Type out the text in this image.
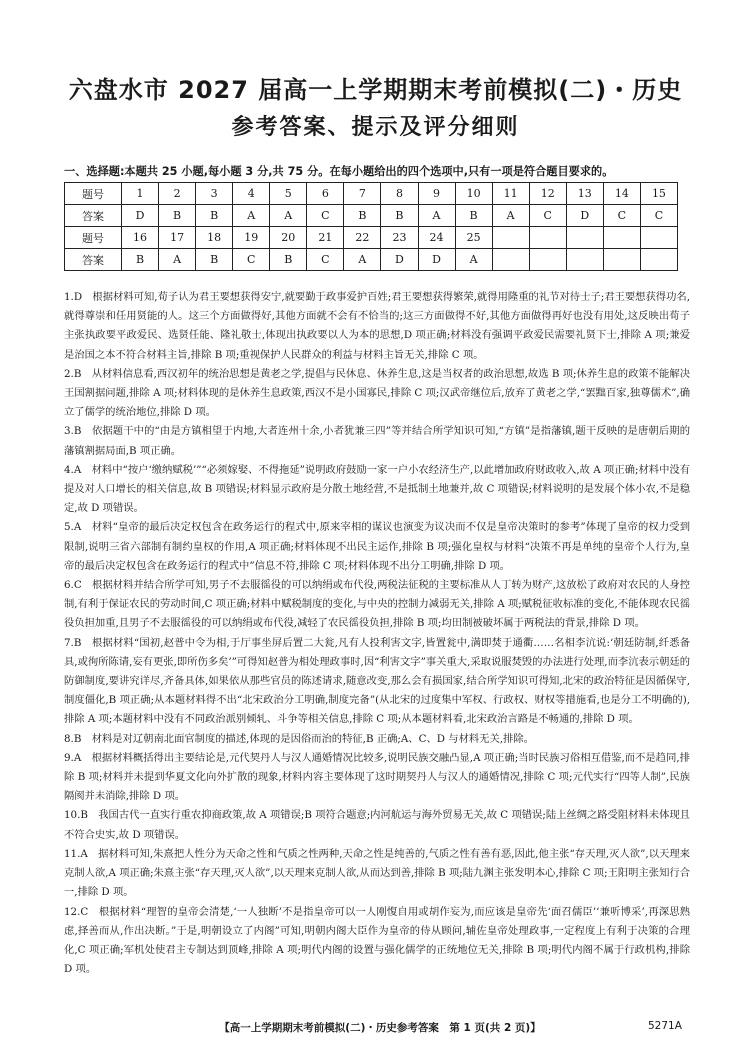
六盘水市 2027 届高一上学期期末考前模拟(二)・历史
参考答案、提示及评分细则
一、选择题:本题共 25 小题,每小题 3 分,共 75 分。在每小题给出的四个选项中,只有一项是符合题目要求的。
题号	1	2	3	4	5	6	7	8	9	10	11	12	13	14	15
答案	D	B	B	A	A	C	B	B	A	B	A	C	D	C	C
题号	16	17	18	19	20	21	22	23	24	25					
答案	B	A	B	C	B	C	A	D	D	A					

1.D　根据材料可知,荀子认为君王要想获得安宁,就要勤于政事爱护百姓;君王要想获得繁荣,就得用隆重的礼节对待士子;君王要想获得功名,就得尊崇和任用贤能的人。这三个方面做得好,其他方面就不会有不恰当的;这三方面做得不好,其他方面做得再好也没有用处,这反映出荀子主张执政要平政爱民、选贤任能、隆礼敬士,体现出执政要以人为本的思想,D 项正确;材料没有强调平政爱民需要礼贤下士,排除 A 项;兼爱是治国之本不符合材料主旨,排除 B 项;重视保护人民群众的利益与材料主旨无关,排除 C 项。

2.B　从材料信息看,西汉初年的统治思想是黄老之学,提倡与民休息、休养生息,这是当权者的政治思想,故选 B 项;休养生息的政策不能解决王国割据问题,排除 A 项;材料体现的是休养生息政策,西汉不是小国寡民,排除 C 项;汉武帝继位后,放弃了黄老之学,“罢黜百家,独尊儒术”,确立了儒学的统治地位,排除 D 项。

3.B　依据题干中的“由是方镇相望于内地,大者连州十余,小者犹兼三四”等并结合所学知识可知,“方镇”是指藩镇,题干反映的是唐朝后期的藩镇割据局面,B 项正确。

4.A　材料中“按户‘缴纳赋税’”“必须嫁娶、不得拖延”说明政府鼓励一家一户小农经济生产,以此增加政府财政收入,故 A 项正确;材料中没有提及对人口增长的相关信息,故 B 项错误;材料显示政府是分散土地经营,不是抵制土地兼并,故 C 项错误;材料说明的是发展个体小农,不是稳定,故 D 项错误。

5.A　材料“皇帝的最后决定权包含在政务运行的程式中,原来宰相的谋议也演变为议决而不仅是皇帝决策时的参考”体现了皇帝的权力受到限制,说明三省六部制有制约皇权的作用,A 项正确;材料体现不出民主运作,排除 B 项;强化皇权与材料“决策不再是单纯的皇帝个人行为,皇帝的最后决定权包含在政务运行的程式中”信息不符,排除 C 项;材料体现不出分工明确,排除 D 项。

6.C　根据材料并结合所学可知,男子不去服徭役的可以纳绢或布代役,两税法征税的主要标准从人丁转为财产,这放松了政府对农民的人身控制,有利于保证农民的劳动时间,C 项正确;材料中赋税制度的变化,与中央的控制力减弱无关,排除 A 项;赋税征收标准的变化,不能体现农民徭役负担加重,且男子不去服徭役的可以纳绢或布代役,减轻了农民徭役负担,排除 B 项;均田制被破坏属于两税法的背景,排除 D 项。

7.B　根据材料“国初,赵普中令为相,于厅事坐屏后置二大瓮,凡有人投利害文字,皆置瓮中,满即焚于通衢……名相李沆说:‘朝廷防制,纤悉备具,或徇所陈请,妄有更张,即所伤多矣’”可得知赵普为相处理政事时,因“利害文字”事关重大,采取说服焚毁的办法进行处理,而李沆表示朝廷的防御制度,要讲究详尽,齐备具体,如果依从那些官员的陈述请求,随意改变,那么会有损国家,结合所学知识可得知,北宋的政治特征是因循保守,制度僵化,B 项正确;从本题材料得不出“北宋政治分工明确,制度完备”(从北宋的过度集中军权、行政权、财权等措施看,也是分工不明确的),排除 A 项;本题材料中没有不同政治派别倾轧、斗争等相关信息,排除 C 项;从本题材料看,北宋政治言路是不畅通的,排除 D 项。

8.B　材料是对辽朝南北面官制度的描述,体现的是因俗而治的特征,B 正确;A、C、D 与材料无关,排除。

9.A　根据材料概括得出主要结论是,元代契丹人与汉人通婚情况比较多,说明民族交融凸显,A 项正确;当时民族习俗相互借鉴,而不是趋同,排除 B 项;材料并未提到华夏文化向外扩散的现象,材料内容主要体现了这时期契丹人与汉人的通婚情况,排除 C 项;元代实行“四等人制”,民族隔阂并未消除,排除 D 项。

10.B　我国古代一直实行重农抑商政策,故 A 项错误;B 项符合题意;内河航运与海外贸易无关,故 C 项错误;陆上丝绸之路受阻材料未体现且不符合史实,故 D 项错误。

11.A　据材料可知,朱熹把人性分为天命之性和气质之性两种,天命之性是纯善的,气质之性有善有恶,因此,他主张“存天理,灭人欲”,以天理来克制人欲,A 项正确;朱熹主张“存天理,灭人欲”,以天理来克制人欲,从而达到善,排除 B 项;陆九渊主张发明本心,排除 C 项;王阳明主张知行合一,排除 D 项。

12.C　根据材料“理智的皇帝会清楚,‘一人独断’不是指皇帝可以一人刚愎自用或胡作妄为,而应该是皇帝先‘面召儒臣’‘兼听博采’,再深思熟虑,择善而从,作出决断。”于是,明朝设立了内阁”可知,明朝内阁大臣作为皇帝的侍从顾问,辅佐皇帝处理政事,一定程度上有利于决策的合理化,C 项正确;军机处使君主专制达到顶峰,排除 A 项;明代内阁的设置与强化儒学的正统地位无关,排除 B 项;明代内阁不属于行政机构,排除 D 项。

【高一上学期期末考前模拟(二)・历史参考答案　第 1 页(共 2 页)】	5271A
